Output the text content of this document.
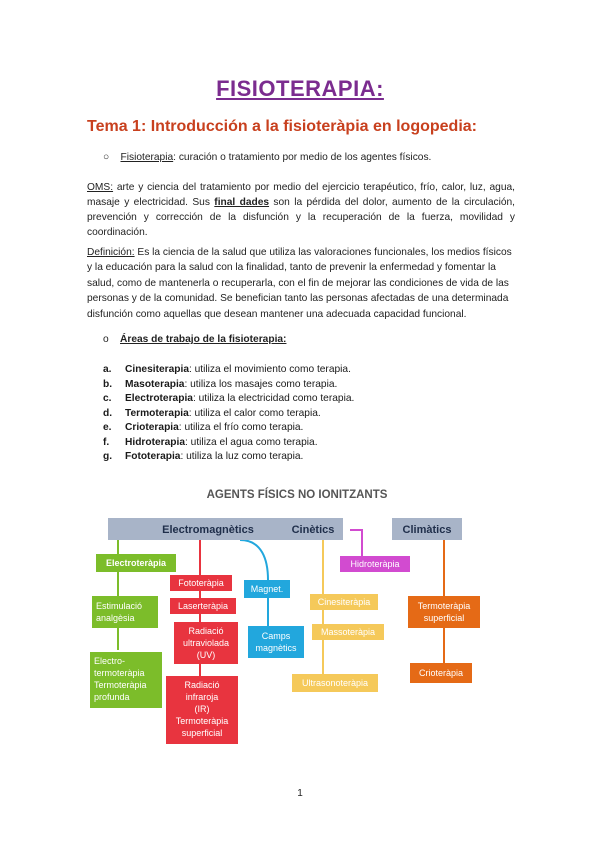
FISIOTERAPIA:
Tema 1: Introducción a la fisioteràpia en logopedia:
○    Fisioterapia: curación o tratamiento por medio de los agentes físicos.

OMS: arte y ciencia del tratamiento por medio del ejercicio terapéutico, frío, calor, luz, agua, masaje y electricidad. Sus final dades son la pérdida del dolor, aumento de la circulación, prevención y corrección de la disfunción y la recuperación de la fuerza, movilidad y coordinación.

Definición: Es la ciencia de la salud que utiliza las valoraciones funcionales, los medios físicos y la educación para la salud con la finalidad, tanto de prevenir la enfermedad y fomentar la salud, como de mantenerla o recuperarla, con el fin de mejorar las condiciones de vida de las personas y de la comunidad. Se benefician tanto las personas afectadas de una determinada disfunción como aquellas que desean mantener una adecuada capacidad funcional.

o    Áreas de trabajo de la fisioterapia:
a. Cinesiterapia: utiliza el movimiento como terapia.
b. Masoterapia: utiliza los masajes como terapia.
c. Electroterapia: utiliza la electricidad como terapia.
d. Termoterapia: utiliza el calor como terapia.
e. Crioterapia: utiliza el frío como terapia.
f. Hidroterapia: utiliza el agua como terapia.
g. Fototerapia: utiliza la luz como terapia.
AGENTS FÍSICS NO IONITZANTS
Electromagnètics	Cinètics	Climàtics
Electroteràpia
Estimulació
analgèsia
Electro-
termoteràpia
Termoteràpia
profunda
Fototeràpia
Laserteràpia
Radiació
ultraviolada
(UV)
Radiació
infraroja
(IR)
Termoteràpia
superficial
Magnet.
Camps
magnètics
Cinesiteràpia
Massoteràpia
Ultrasonoteràpia
Hidroteràpia
Termoteràpia
superficial
Crioteràpia
1
